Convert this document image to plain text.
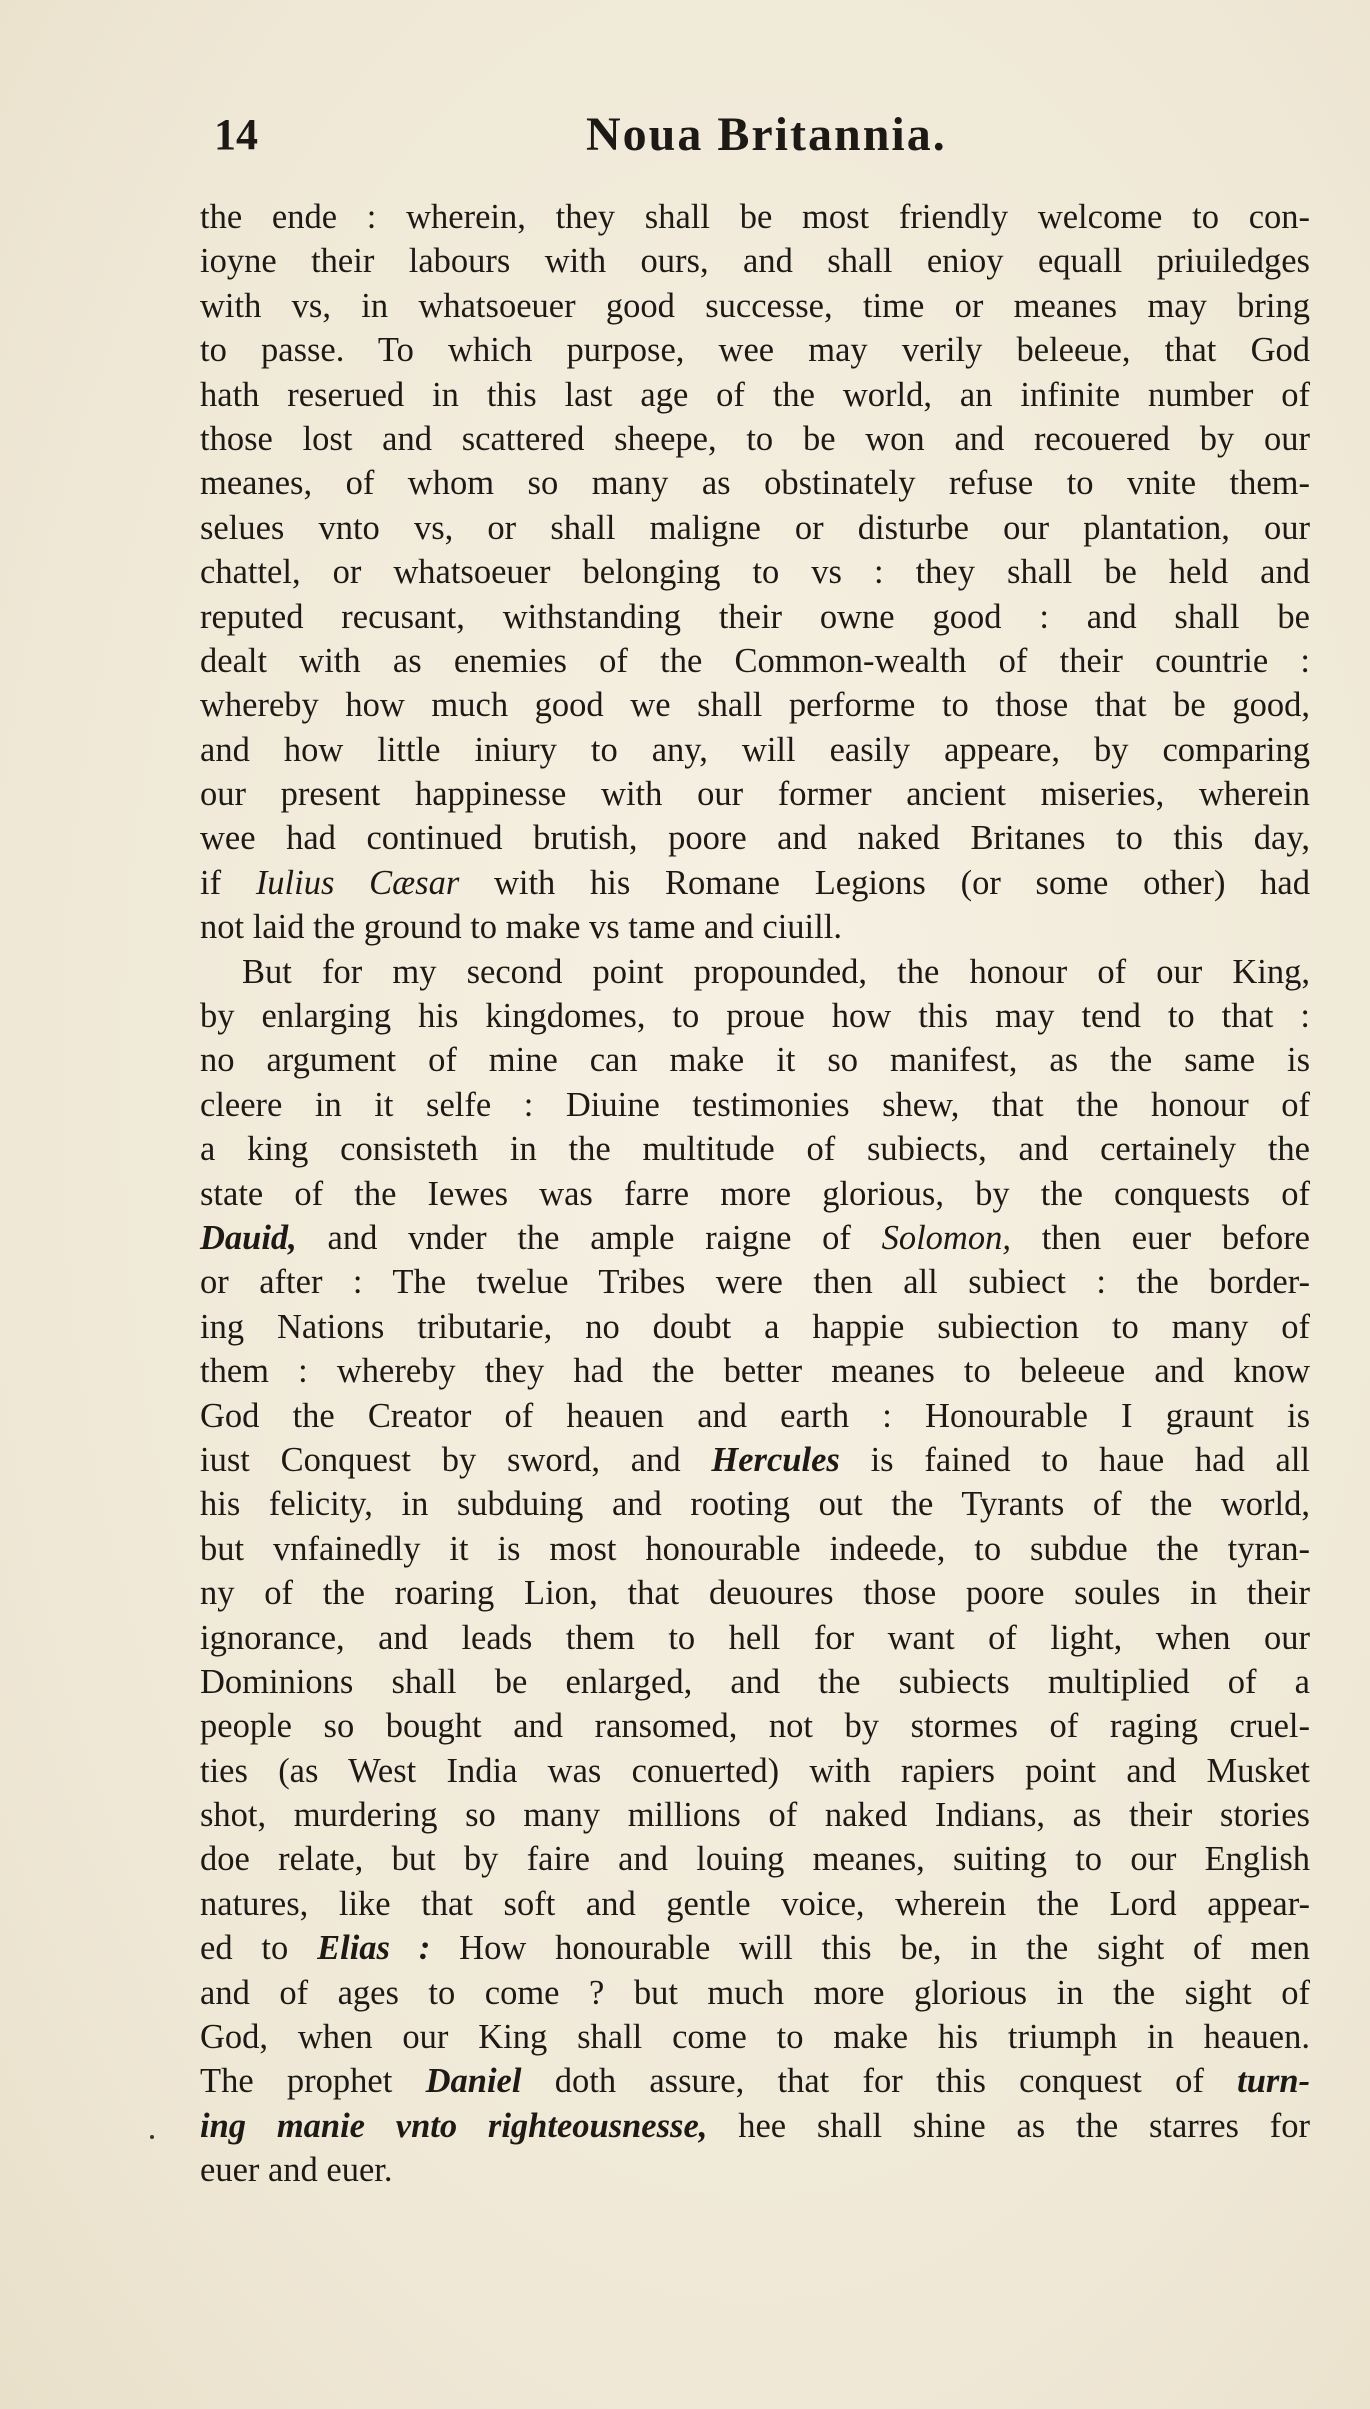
14	Noua Britannia.
the ende : wherein, they shall be most friendly welcome to con-
ioyne their labours with ours, and shall enioy equall priuiledges
with vs, in whatsoeuer good successe, time or meanes may bring
to passe. To which purpose, wee may verily beleeue, that God
hath reserued in this last age of the world, an infinite number of
those lost and scattered sheepe, to be won and recouered by our
meanes, of whom so many as obstinately refuse to vnite them-
selues vnto vs, or shall maligne or disturbe our plantation, our
chattel, or whatsoeuer belonging to vs : they shall be held and
reputed recusant, withstanding their owne good : and shall be
dealt with as enemies of the Common-wealth of their countrie :
whereby how much good we shall performe to those that be good,
and how little iniury to any, will easily appeare, by comparing
our present happinesse with our former ancient miseries, wherein
wee had continued brutish, poore and naked Britanes to this day,
if Iulius Cæsar with his Romane Legions (or some other) had
not laid the ground to make vs tame and ciuill.
But for my second point propounded, the honour of our King,
by enlarging his kingdomes, to proue how this may tend to that :
no argument of mine can make it so manifest, as the same is
cleere in it selfe : Diuine testimonies shew, that the honour of
a king consisteth in the multitude of subiects, and certainely the
state of the Iewes was farre more glorious, by the conquests of
Dauid, and vnder the ample raigne of Solomon, then euer before
or after : The twelue Tribes were then all subiect : the border-
ing Nations tributarie, no doubt a happie subiection to many of
them : whereby they had the better meanes to beleeue and know
God the Creator of heauen and earth : Honourable I graunt is
iust Conquest by sword, and Hercules is fained to haue had all
his felicity, in subduing and rooting out the Tyrants of the world,
but vnfainedly it is most honourable indeede, to subdue the tyran-
ny of the roaring Lion, that deuoures those poore soules in their
ignorance, and leads them to hell for want of light, when our
Dominions shall be enlarged, and the subiects multiplied of a
people so bought and ransomed, not by stormes of raging cruel-
ties (as West India was conuerted) with rapiers point and Musket
shot, murdering so many millions of naked Indians, as their stories
doe relate, but by faire and louing meanes, suiting to our English
natures, like that soft and gentle voice, wherein the Lord appear-
ed to Elias : How honourable will this be, in the sight of men
and of ages to come ? but much more glorious in the sight of
God, when our King shall come to make his triumph in heauen.
The prophet Daniel doth assure, that for this conquest of turn-
ing manie vnto righteousnesse, hee shall shine as the starres for
euer and euer.
